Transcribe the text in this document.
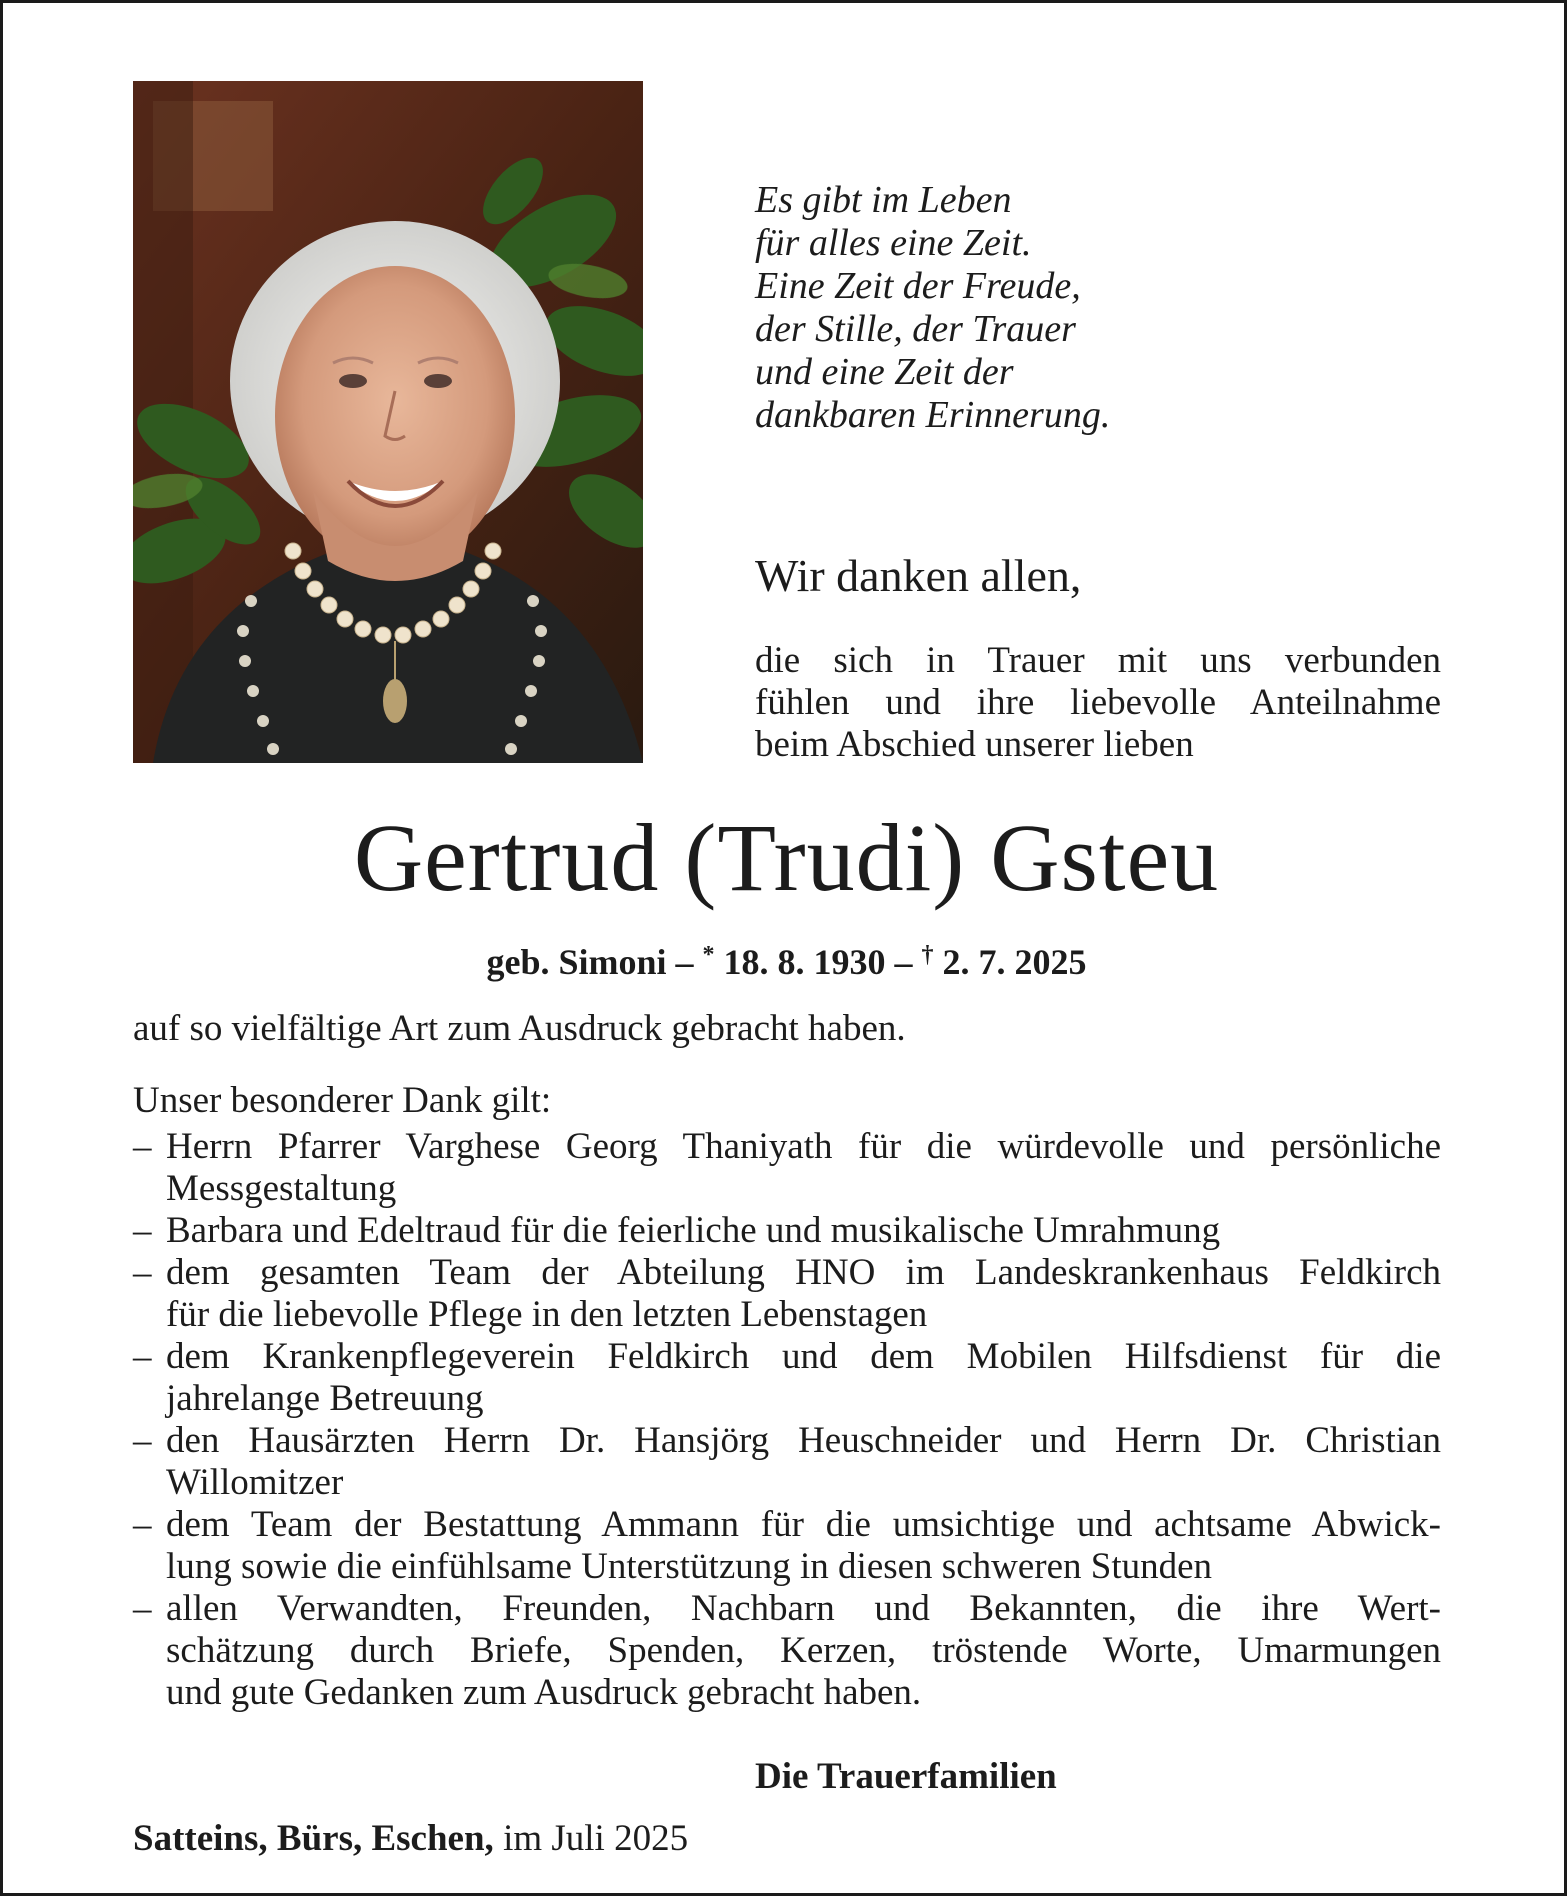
Es gibt im Leben
für alles eine Zeit.
Eine Zeit der Freude,
der Stille, der Trauer
und eine Zeit der
dankbaren Erinnerung.
Wir danken allen,
die sich in Trauer mit uns verbunden
fühlen und ihre liebevolle Anteilnahme
beim Abschied unserer lieben
Gertrud (Trudi) Gsteu
geb. Simoni – * 18. 8. 1930 – † 2. 7. 2025
auf so vielfältige Art zum Ausdruck gebracht haben.
Unser besonderer Dank gilt:
– Herrn Pfarrer Varghese Georg Thaniyath für die würdevolle und persönliche
Messgestaltung
– Barbara und Edeltraud für die feierliche und musikalische Umrahmung
– dem gesamten Team der Abteilung HNO im Landeskrankenhaus Feldkirch
für die liebevolle Pflege in den letzten Lebenstagen
– dem Krankenpflegeverein Feldkirch und dem Mobilen Hilfsdienst für die
jahrelange Betreuung
– den Hausärzten Herrn Dr. Hansjörg Heuschneider und Herrn Dr. Christian
Willomitzer
– dem Team der Bestattung Ammann für die umsichtige und achtsame Abwick-
lung sowie die einfühlsame Unterstützung in diesen schweren Stunden
– allen Verwandten, Freunden, Nachbarn und Bekannten, die ihre Wert-
schätzung durch Briefe, Spenden, Kerzen, tröstende Worte, Umarmungen
und gute Gedanken zum Ausdruck gebracht haben.
Die Trauerfamilien
Satteins, Bürs, Eschen, im Juli 2025
